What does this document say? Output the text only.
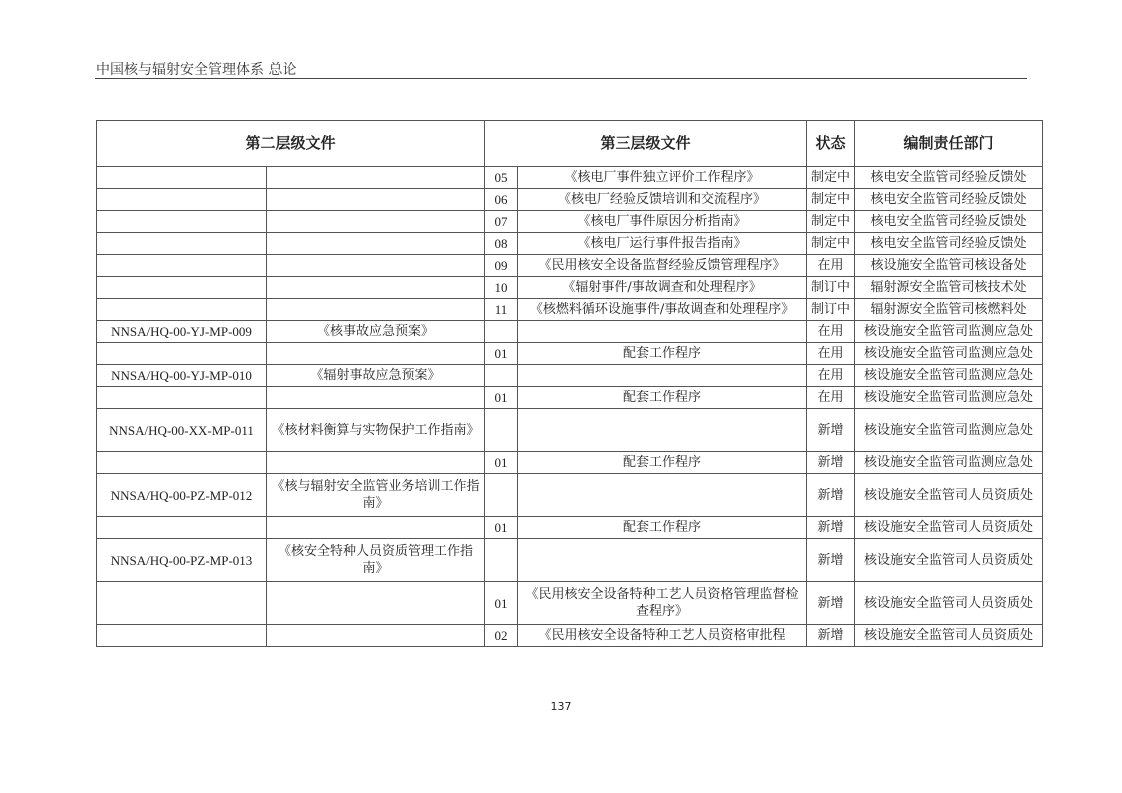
中国核与辐射安全管理体系 总论
第二层级文件		第三层级文件		状态	编制责任部门
		05	《核电厂事件独立评价工作程序》	制定中	核电安全监管司经验反馈处
		06	《核电厂经验反馈培训和交流程序》	制定中	核电安全监管司经验反馈处
		07	《核电厂事件原因分析指南》	制定中	核电安全监管司经验反馈处
		08	《核电厂运行事件报告指南》	制定中	核电安全监管司经验反馈处
		09	《民用核安全设备监督经验反馈管理程序》	在用	核设施安全监管司核设备处
		10	《辐射事件/事故调查和处理程序》	制订中	辐射源安全监管司核技术处
		11	《核燃料循环设施事件/事故调查和处理程序》	制订中	辐射源安全监管司核燃料处
NNSA/HQ-00-YJ-MP-009	《核事故应急预案》			在用	核设施安全监管司监测应急处
		01	配套工作程序	在用	核设施安全监管司监测应急处
NNSA/HQ-00-YJ-MP-010	《辐射事故应急预案》			在用	核设施安全监管司监测应急处
		01	配套工作程序	在用	核设施安全监管司监测应急处
NNSA/HQ-00-XX-MP-011	《核材料衡算与实物保护工作指南》			新增	核设施安全监管司监测应急处
		01	配套工作程序	新增	核设施安全监管司监测应急处
NNSA/HQ-00-PZ-MP-012	《核与辐射安全监管业务培训工作指南》			新增	核设施安全监管司人员资质处
		01	配套工作程序	新增	核设施安全监管司人员资质处
NNSA/HQ-00-PZ-MP-013	《核安全特种人员资质管理工作指南》			新增	核设施安全监管司人员资质处
		01	《民用核安全设备特种工艺人员资格管理监督检查程序》	新增	核设施安全监管司人员资质处
		02	《民用核安全设备特种工艺人员资格审批程	新增	核设施安全监管司人员资质处
137
